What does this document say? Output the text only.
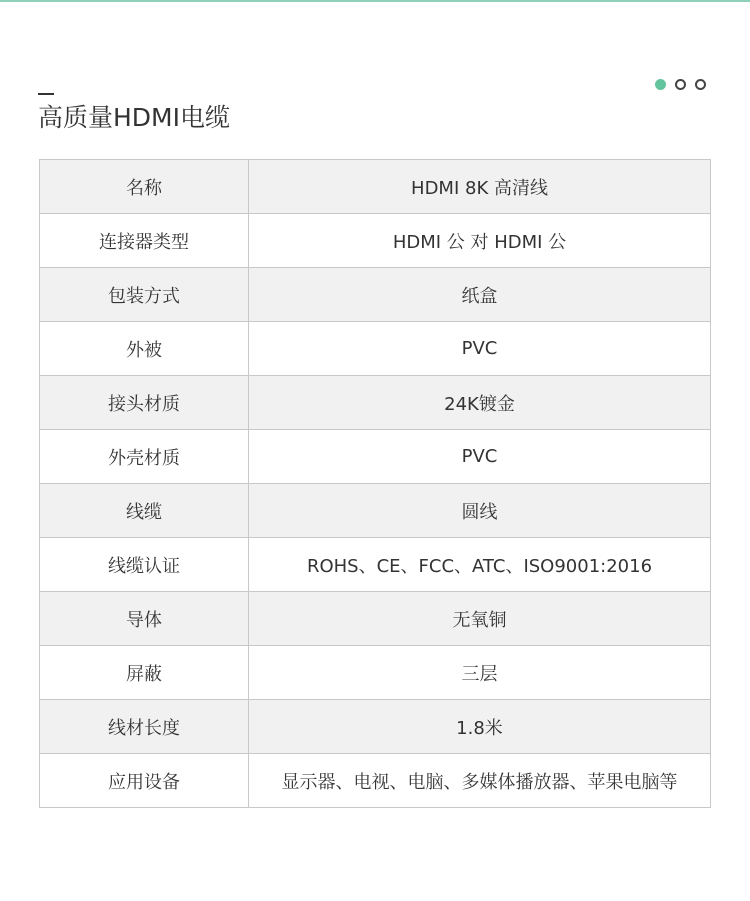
高质量HDMI电缆
名称	HDMI 8K 高清线
连接器类型	HDMI 公 对 HDMI 公
包装方式	纸盒
外被	PVC
接头材质	24K镀金
外壳材质	PVC
线缆	圆线
线缆认证	ROHS、CE、FCC、ATC、ISO9001:2016
导体	无氧铜
屏蔽	三层
线材长度	1.8米
应用设备	显示器、电视、电脑、多媒体播放器、苹果电脑等
